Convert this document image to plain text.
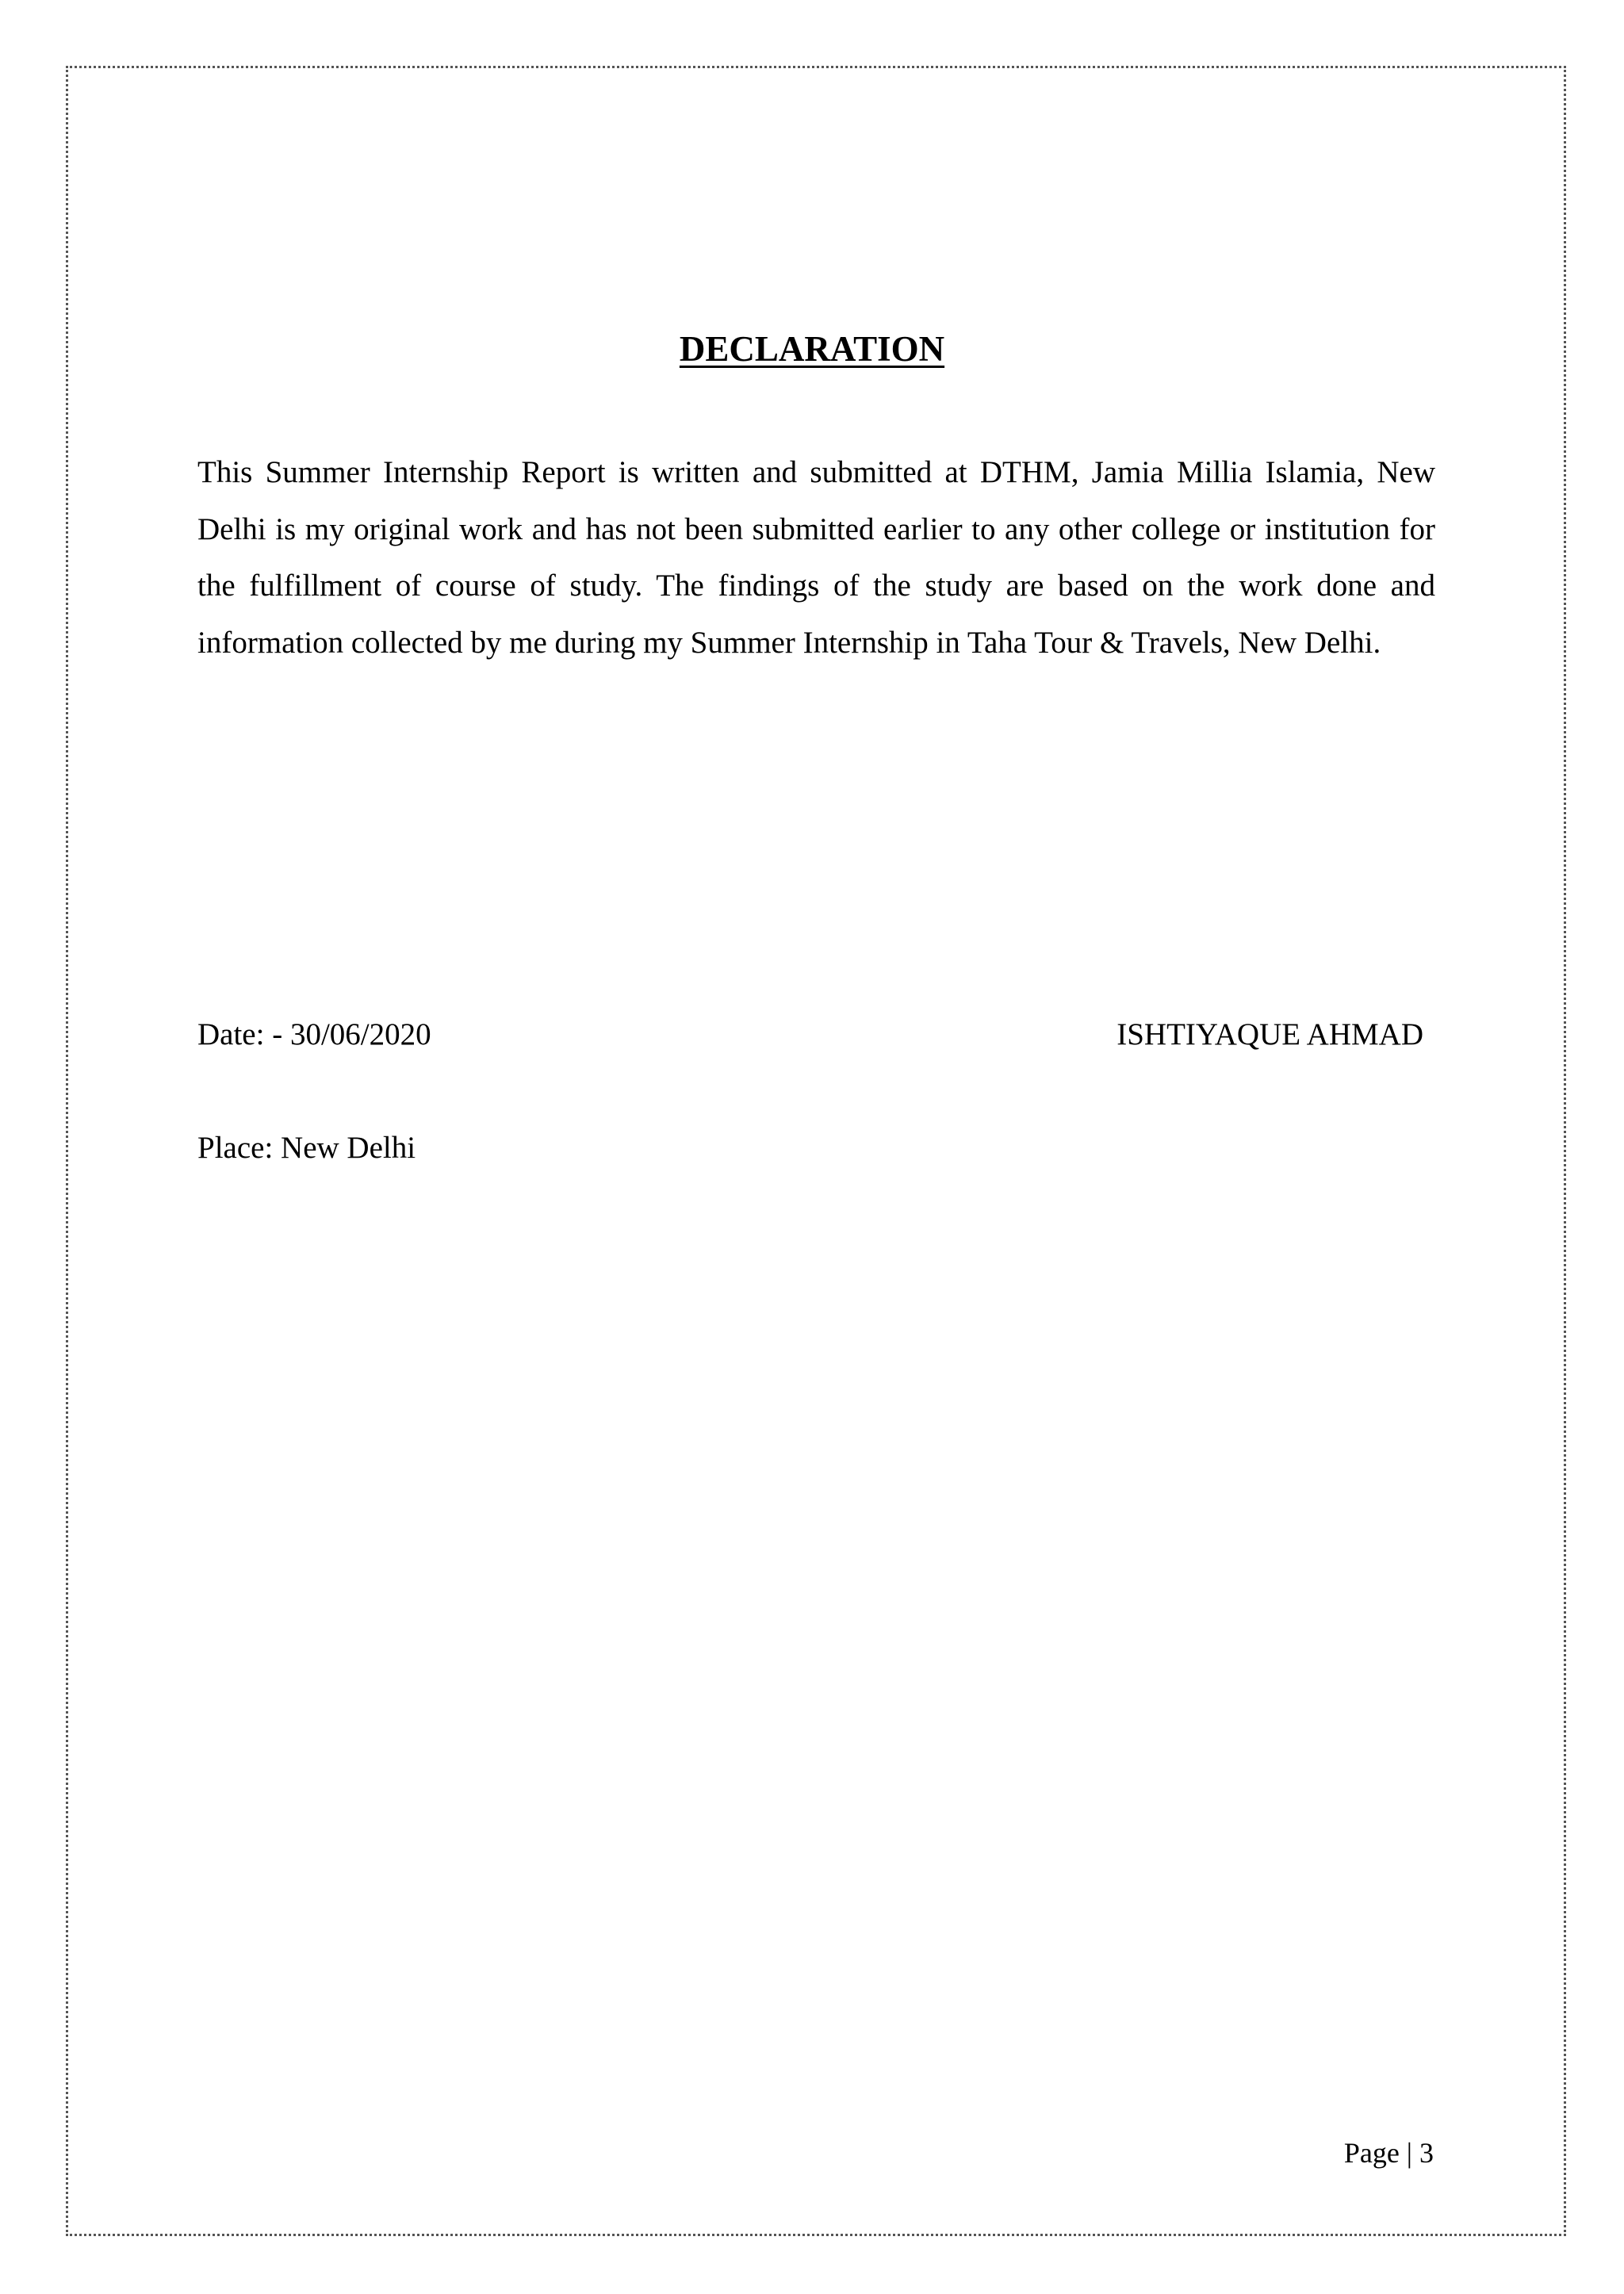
DECLARATION

This Summer Internship Report is written and submitted at DTHM, Jamia Millia Islamia, New Delhi is my original work and has not been submitted earlier to any other college or institution for the fulfillment of course of study. The findings of the study are based on the work done and information collected by me during my Summer Internship in Taha Tour & Travels, New Delhi.

Date: - 30/06/2020	ISHTIYAQUE AHMAD

Place: New Delhi

Page | 3
